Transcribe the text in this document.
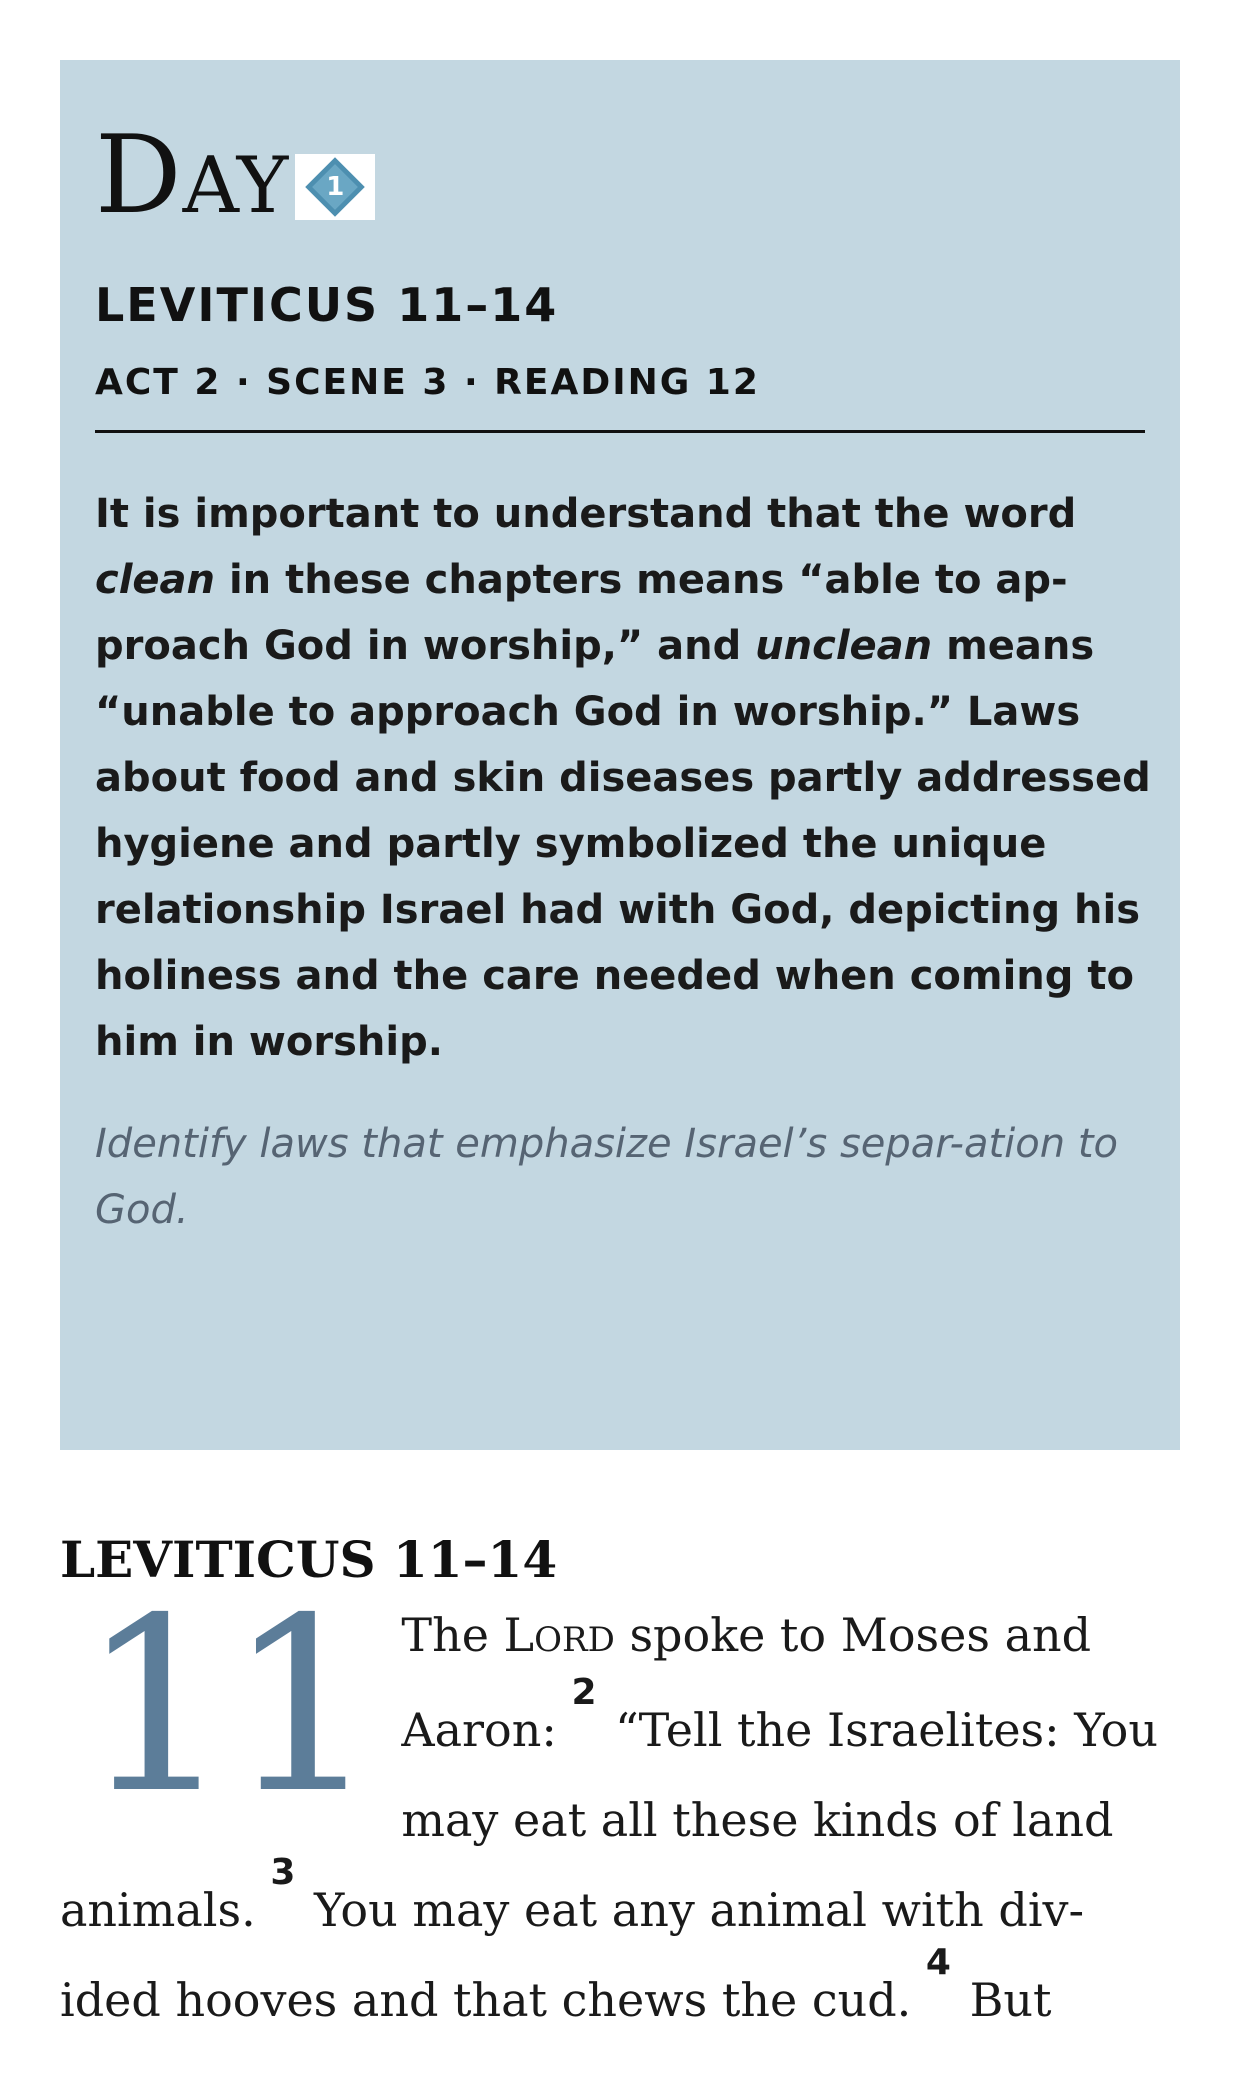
DAY	1
LEVITICUS 11–14
ACT 2 · SCENE 3 · READING 12
It is important to understand that the word clean in these chapters means “able to ap-proach God in worship,” and unclean means “unable to approach God in worship.” Laws about food and skin diseases partly addressed hygiene and partly symbolized the unique relationship Israel had with God, depicting his holiness and the care needed when coming to him in worship.
Identify laws that emphasize Israel’s separ-ation to God.
LEVITICUS 11–14
11 The LORD spoke to Moses and Aaron: $^2$ “Tell the Israelites: You may eat all these kinds of land animals. $^3$ You may eat any animal with div-ided hooves and that chews the cud. $^4$ But
